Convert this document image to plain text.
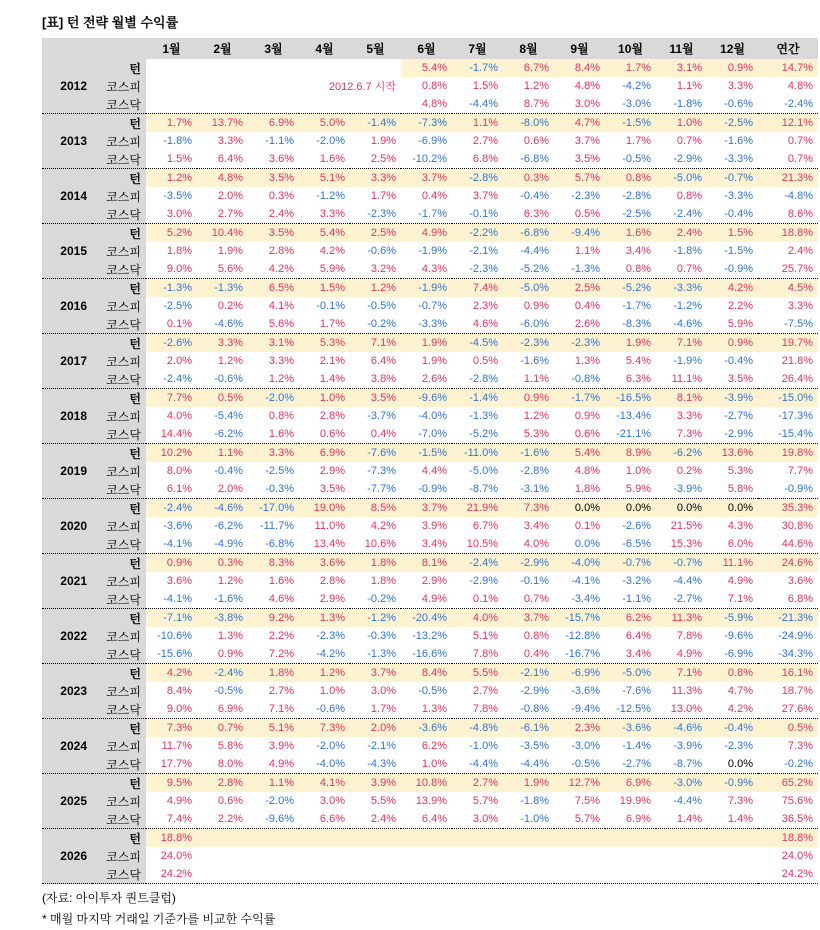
[표] 턴 전략 월별 수익률
		1월	2월	3월	4월	5월	6월	7월	8월	9월	10월	11월	12월	연간
2012	턴						5.4%	-1.7%	6.7%	8.4%	1.7%	3.1%	0.9%	14.7%
	코스피	2012.6.7 시작					0.8%	1.5%	1.2%	4.8%	-4.2%	1.1%	3.3%	4.8%
	코스닥						4.8%	-4.4%	8.7%	3.0%	-3.0%	-1.8%	-0.6%	-2.4%
2013	턴	1.7%	13.7%	6.9%	5.0%	-1.4%	-7.3%	1.1%	-8.0%	4.7%	-1.5%	1.0%	-2.5%	12.1%
	코스피	-1.8%	3.3%	-1.1%	-2.0%	1.9%	-6.9%	2.7%	0.6%	3.7%	1.7%	0.7%	-1.6%	0.7%
	코스닥	1.5%	6.4%	3.6%	1.6%	2.5%	-10.2%	6.8%	-6.8%	3.5%	-0.5%	-2.9%	-3.3%	0.7%
2014	턴	1.2%	4.8%	3.5%	5.1%	3.3%	3.7%	-2.8%	0.3%	5.7%	0.8%	-5.0%	-0.7%	21.3%
	코스피	-3.5%	2.0%	0.3%	-1.2%	1.7%	0.4%	3.7%	-0.4%	-2.3%	-2.8%	0.8%	-3.3%	-4.8%
	코스닥	3.0%	2.7%	2.4%	3.3%	-2.3%	-1.7%	-0.1%	6.3%	0.5%	-2.5%	-2.4%	-0.4%	8.6%
2015	턴	5.2%	10.4%	3.5%	5.4%	2.5%	4.9%	-2.2%	-6.8%	-9.4%	1.6%	2.4%	1.5%	18.8%
	코스피	1.8%	1.9%	2.8%	4.2%	-0.6%	-1.9%	-2.1%	-4.4%	1.1%	3.4%	-1.8%	-1.5%	2.4%
	코스닥	9.0%	5.6%	4.2%	5.9%	3.2%	4.3%	-2.3%	-5.2%	-1.3%	0.8%	0.7%	-0.9%	25.7%
2016	턴	-1.3%	-1.3%	6.5%	1.5%	1.2%	-1.9%	7.4%	-5.0%	2.5%	-5.2%	-3.3%	4.2%	4.5%
	코스피	-2.5%	0.2%	4.1%	-0.1%	-0.5%	-0.7%	2.3%	0.9%	0.4%	-1.7%	-1.2%	2.2%	3.3%
	코스닥	0.1%	-4.6%	5.6%	1.7%	-0.2%	-3.3%	4.6%	-6.0%	2.6%	-8.3%	-4.6%	5.9%	-7.5%
2017	턴	-2.6%	3.3%	3.1%	5.3%	7.1%	1.9%	-4.5%	-2.3%	-2.3%	1.9%	7.1%	0.9%	19.7%
	코스피	2.0%	1.2%	3.3%	2.1%	6.4%	1.9%	0.5%	-1.6%	1.3%	5.4%	-1.9%	-0.4%	21.8%
	코스닥	-2.4%	-0.6%	1.2%	1.4%	3.8%	2.6%	-2.8%	1.1%	-0.8%	6.3%	11.1%	3.5%	26.4%
2018	턴	7.7%	0.5%	-2.0%	1.0%	3.5%	-9.6%	-1.4%	0.9%	-1.7%	-16.5%	8.1%	-3.9%	-15.0%
	코스피	4.0%	-5.4%	0.8%	2.8%	-3.7%	-4.0%	-1.3%	1.2%	0.9%	-13.4%	3.3%	-2.7%	-17.3%
	코스닥	14.4%	-6.2%	1.6%	0.6%	0.4%	-7.0%	-5.2%	5.3%	0.6%	-21.1%	7.3%	-2.9%	-15.4%
2019	턴	10.2%	1.1%	3.3%	6.9%	-7.6%	-1.5%	-11.0%	-1.6%	5.4%	8.9%	-6.2%	13.6%	19.8%
	코스피	8.0%	-0.4%	-2.5%	2.9%	-7.3%	4.4%	-5.0%	-2.8%	4.8%	1.0%	0.2%	5.3%	7.7%
	코스닥	6.1%	2.0%	-0.3%	3.5%	-7.7%	-0.9%	-8.7%	-3.1%	1.8%	5.9%	-3.9%	5.8%	-0.9%
2020	턴	-2.4%	-4.6%	-17.0%	19.0%	8.5%	3.7%	21.9%	7.3%	0.0%	0.0%	0.0%	0.0%	35.3%
	코스피	-3.6%	-6.2%	-11.7%	11.0%	4.2%	3.9%	6.7%	3.4%	0.1%	-2.6%	21.5%	4.3%	30.8%
	코스닥	-4.1%	-4.9%	-6.8%	13.4%	10.6%	3.4%	10.5%	4.0%	0.0%	-6.5%	15.3%	6.0%	44.6%
2021	턴	0.9%	0.3%	8.3%	3.6%	1.8%	8.1%	-2.4%	-2.9%	-4.0%	-0.7%	-0.7%	11.1%	24.6%
	코스피	3.6%	1.2%	1.6%	2.8%	1.8%	2.9%	-2.9%	-0.1%	-4.1%	-3.2%	-4.4%	4.9%	3.6%
	코스닥	-4.1%	-1.6%	4.6%	2.9%	-0.2%	4.9%	0.1%	0.7%	-3.4%	-1.1%	-2.7%	7.1%	6.8%
2022	턴	-7.1%	-3.8%	9.2%	1.3%	-1.2%	-20.4%	4.0%	3.7%	-15.7%	6.2%	11.3%	-5.9%	-21.3%
	코스피	-10.6%	1.3%	2.2%	-2.3%	-0.3%	-13.2%	5.1%	0.8%	-12.8%	6.4%	7.8%	-9.6%	-24.9%
	코스닥	-15.6%	0.9%	7.2%	-4.2%	-1.3%	-16.6%	7.8%	0.4%	-16.7%	3.4%	4.9%	-6.9%	-34.3%
2023	턴	4.2%	-2.4%	1.8%	1.2%	3.7%	8.4%	5.5%	-2.1%	-6.9%	-5.0%	7.1%	0.8%	16.1%
	코스피	8.4%	-0.5%	2.7%	1.0%	3.0%	-0.5%	2.7%	-2.9%	-3.6%	-7.6%	11.3%	4.7%	18.7%
	코스닥	9.0%	6.9%	7.1%	-0.6%	1.7%	1.3%	7.8%	-0.8%	-9.4%	-12.5%	13.0%	4.2%	27.6%
2024	턴	7.3%	0.7%	5.1%	7.3%	2.0%	-3.6%	-4.8%	-6.1%	2.3%	-3.6%	-4.6%	-0.4%	0.5%
	코스피	11.7%	5.8%	3.9%	-2.0%	-2.1%	6.2%	-1.0%	-3.5%	-3.0%	-1.4%	-3.9%	-2.3%	7.3%
	코스닥	17.7%	8.0%	4.9%	-4.0%	-4.3%	1.0%	-4.4%	-4.4%	-0.5%	-2.7%	-8.7%	0.0%	-0.2%
2025	턴	9.5%	2.8%	1.1%	4.1%	3.9%	10.8%	2.7%	1.9%	12.7%	6.9%	-3.0%	-0.9%	65.2%
	코스피	4.9%	0.6%	-2.0%	3.0%	5.5%	13.9%	5.7%	-1.8%	7.5%	19.9%	-4.4%	7.3%	75.6%
	코스닥	7.4%	2.2%	-9.6%	6.6%	2.4%	6.4%	3.0%	-1.0%	5.7%	6.9%	1.4%	1.4%	36.5%
2026	턴	18.8%												18.8%
	코스피	24.0%												24.0%
	코스닥	24.2%												24.2%
(자료: 아이투자 퀀트클럽)
* 매월 마지막 거래일 기준가를 비교한 수익률
